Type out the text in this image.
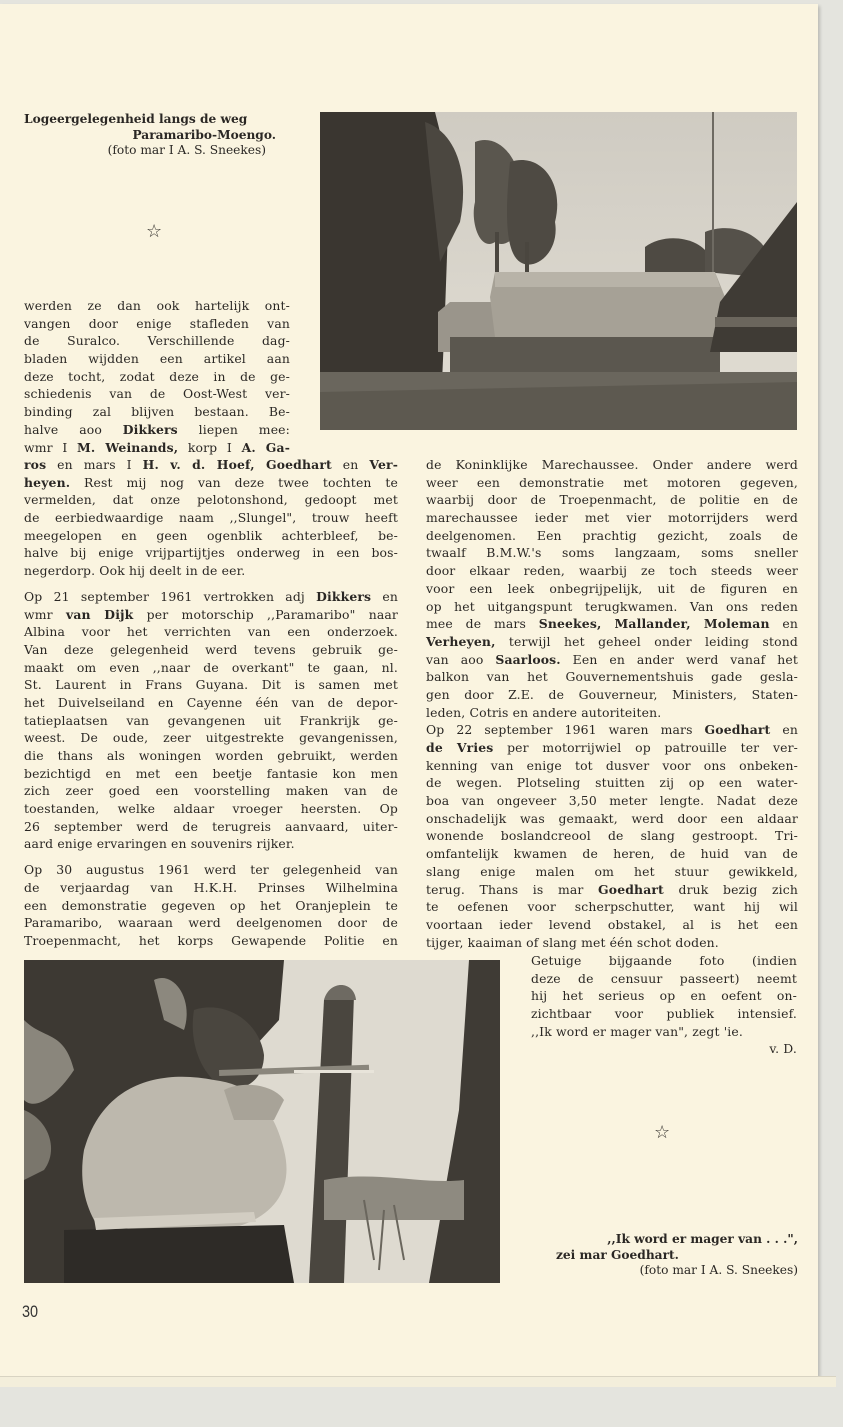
Logeergelegenheid langs de weg
Paramaribo-Moengo.
(foto mar I A. S. Sneekes)
☆
werden ze dan ook hartelijk ont-
vangen door enige stafleden van
de Suralco. Verschillende dag-
bladen wijdden een artikel aan
deze tocht, zodat deze in de ge-
schiedenis van de Oost-West ver-
binding zal blijven bestaan. Be-
halve aoo Dikkers liepen mee:
wmr I M. Weinands, korp I A. Ga-
ros en mars I H. v. d. Hoef, Goedhart en Ver-
heyen. Rest mij nog van deze twee tochten te
vermelden, dat onze pelotonshond, gedoopt met
de eerbiedwaardige naam ,,Slungel", trouw heeft
meegelopen en geen ogenblik achterbleef, be-
halve bij enige vrijpartijtjes onderweg in een bos-
negerdorp. Ook hij deelt in de eer.
Op 21 september 1961 vertrokken adj Dikkers en
wmr van Dijk per motorschip ,,Paramaribo" naar
Albina voor het verrichten van een onderzoek.
Van deze gelegenheid werd tevens gebruik ge-
maakt om even ,,naar de overkant" te gaan, nl.
St. Laurent in Frans Guyana. Dit is samen met
het Duivelseiland en Cayenne één van de depor-
tatieplaatsen van gevangenen uit Frankrijk ge-
weest. De oude, zeer uitgestrekte gevangenissen,
die thans als woningen worden gebruikt, werden
bezichtigd en met een beetje fantasie kon men
zich zeer goed een voorstelling maken van de
toestanden, welke aldaar vroeger heersten. Op
26 september werd de terugreis aanvaard, uiter-
aard enige ervaringen en souvenirs rijker.
Op 30 augustus 1961 werd ter gelegenheid van
de verjaardag van H.K.H. Prinses Wilhelmina
een demonstratie gegeven op het Oranjeplein te
Paramaribo, waaraan werd deelgenomen door de
Troepenmacht, het korps Gewapende Politie en
de Koninklijke Marechaussee. Onder andere werd
weer een demonstratie met motoren gegeven,
waarbij door de Troepenmacht, de politie en de
marechaussee ieder met vier motorrijders werd
deelgenomen. Een prachtig gezicht, zoals de
twaalf B.M.W.'s soms langzaam, soms sneller
door elkaar reden, waarbij ze toch steeds weer
voor een leek onbegrijpelijk, uit de figuren en
op het uitgangspunt terugkwamen. Van ons reden
mee de mars Sneekes, Mallander, Moleman en
Verheyen, terwijl het geheel onder leiding stond
van aoo Saarloos. Een en ander werd vanaf het
balkon van het Gouvernementshuis gade gesla-
gen door Z.E. de Gouverneur, Ministers, Staten-
leden, Cotris en andere autoriteiten.
Op 22 september 1961 waren mars Goedhart en
de Vries per motorrijwiel op patrouille ter ver-
kenning van enige tot dusver voor ons onbeken-
de wegen. Plotseling stuitten zij op een water-
boa van ongeveer 3,50 meter lengte. Nadat deze
onschadelijk was gemaakt, werd door een aldaar
wonende boslandcreool de slang gestroopt. Tri-
omfantelijk kwamen de heren, de huid van de
slang enige malen om het stuur gewikkeld,
terug. Thans is mar Goedhart druk bezig zich
te oefenen voor scherpschutter, want hij wil
voortaan ieder levend obstakel, al is het een
tijger, kaaiman of slang met één schot doden.
Getuige bijgaande foto (indien
deze de censuur passeert) neemt
hij het serieus op en oefent on-
zichtbaar voor publiek intensief.
,,Ik word er mager van", zegt 'ie.
v. D.
☆
,,Ik word er mager van . . .",
zei mar Goedhart.
(foto mar I A. S. Sneekes)
30
